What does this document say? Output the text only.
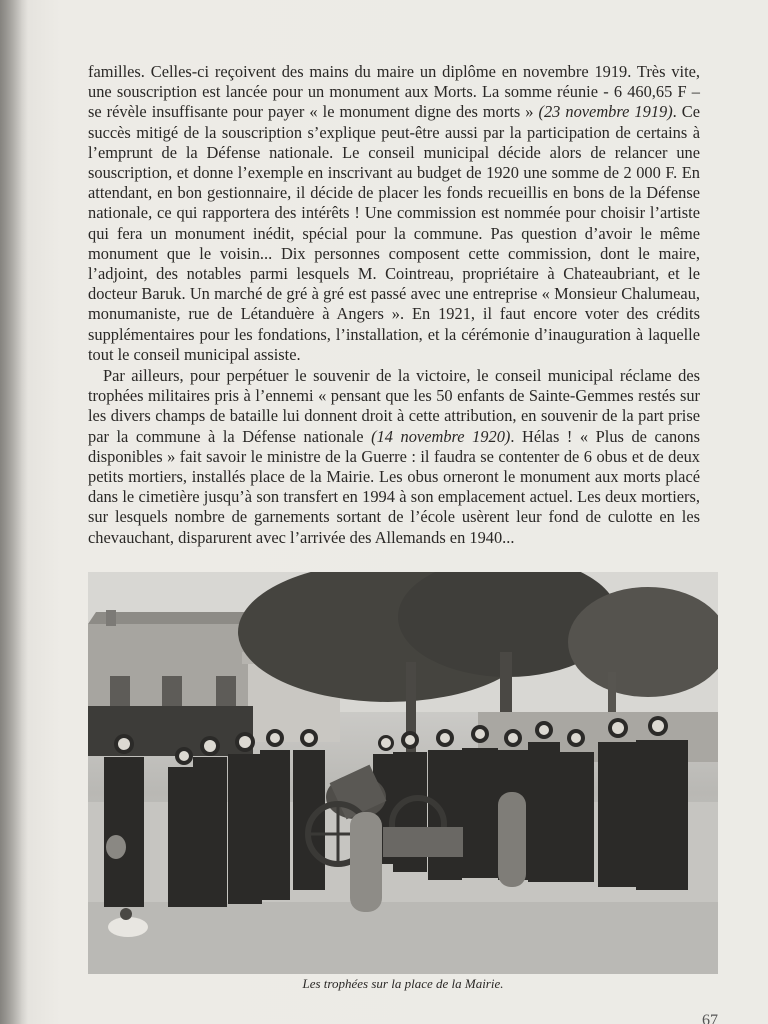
familles. Celles-ci reçoivent des mains du maire un diplôme en novembre 1919. Très vite, une souscription est lancée pour un monument aux Morts. La somme réunie - 6 460,65 F – se révèle insuffisante pour payer « le monument digne des morts » (23 novembre 1919). Ce succès mitigé de la souscription s’explique peut-être aussi par la participation de certains à l’emprunt de la Défense nationale. Le conseil municipal décide alors de relancer une souscription, et donne l’exemple en inscrivant au budget de 1920 une somme de 2 000 F. En attendant, en bon gestionnaire, il décide de placer les fonds recueillis en bons de la Défense nationale, ce qui rapportera des intérêts ! Une commission est nommée pour choisir l’artiste qui fera un monument inédit, spécial pour la commune. Pas question d’avoir le même monument que le voisin... Dix personnes composent cette commission, dont le maire, l’adjoint, des notables parmi lesquels M. Cointreau, propriétaire à Chateaubriant, et le docteur Baruk. Un marché de gré à gré est passé avec une entreprise « Monsieur Chalumeau, monumaniste, rue de Létanduère à Angers ». En 1921, il faut encore voter des crédits supplémentaires pour les fondations, l’installation, et la cérémonie d’inauguration à laquelle tout le conseil municipal assiste.

Par ailleurs, pour perpétuer le souvenir de la victoire, le conseil municipal réclame des trophées militaires pris à l’ennemi « pensant que les 50 enfants de Sainte-Gemmes restés sur les divers champs de bataille lui donnent droit à cette attribution, en souvenir de la part prise par la commune à la Défense nationale (14 novembre 1920). Hélas ! « Plus de canons disponibles » fait savoir le ministre de la Guerre : il faudra se contenter de 6 obus et de deux petits mortiers, installés place de la Mairie. Les obus orneront le monument aux morts placé dans le cimetière jusqu’à son transfert en 1994 à son emplacement actuel. Les deux mortiers, sur lesquels nombre de garnements sortant de l’école usèrent leur fond de culotte en les chevauchant, disparurent avec l’arrivée des Allemands en 1940...

Les trophées sur la place de la Mairie.
67
